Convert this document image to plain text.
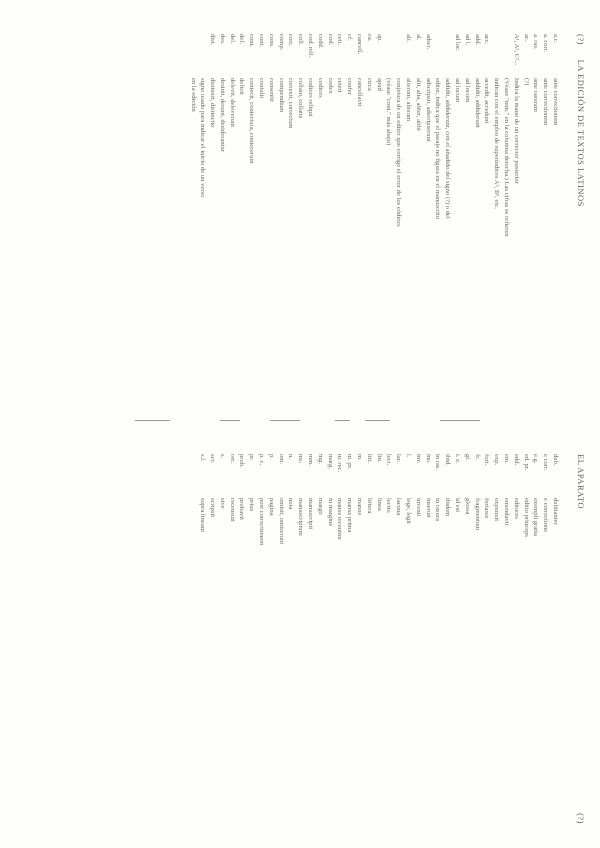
(?) LA EDICIÓN DE TEXTOS LATINOS
a.c.
ante correctionem
a. corr.
ante correctionem
a. ras.
ante rasuram
ac.
(?)
A¹, A², C¹...
Indica la mano de un corrector posterior
(Véase "mm." en la columna derecha.) Las cifras se refieren
indican con el empleo de superíndices A², B³, etc.
acc.
accedit, accedunt
add.
addidit, addiderunt
ad l.
ad locum
ad loc.
ad locum
addidit, addiderunt, con el añadido del signo (?) o del
editor, indica que el pasaje no figura en el manuscrito
adscr.
adscripsit, adscripserunt
al.
alii, alia, aliter, alibi
alt.
alterum, alteram
conjetura de un editor que corrige el error de los códices
(véase "coni." más abajo)
ap.
apud
ca.
circa
cancell.
cancellavit
cf.
confer
cett.
ceteri
cod.
codex
codd.
codices
cod. rell.
codices reliqui
coll.
collato, collatis
corr.
correxit, correctum
comp.
compendium
cons.
consentit
cont.
contulit
coni.
coniecit, coniectura, coniecerunt
def.
deficit
del.
delevit, deleverunt
des.
desinit, desunt, desiderantur
dist.
distinxit, distinctio
signo usado para indicar el inicio de un verso
en la edición
EL APARATO
(?)
dub.
dubitanter
e corr.
e correctione
e.g.
exempli gratia
ed. pr.
editio princeps
edd.
editores
em.
emendavit
exp.
expunxit
fort.
fortasse
fr.
fragmentum
gl.
glossa
i. e.
id est
ibid.
ibidem
in ras.
in rasura
ins.
inseruit
inv.
invenit
l.
lege, legit
lac.
lacuna
lect.
lectio
lin.
linea
litt.
littera
m.
manus
m. pr.
manus prima
m. rec.
manus recentior
marg.
in margine
mg.
margo
mm.
manuscripti
ms.
manuscriptum
n.
nota
om.
omisit, omiserunt
p.
pagina
p. c.
post correctionem
pr.
prius
prob.
probavit
rec.
recensuit
s.
sive
scr.
scripsit
s.l.
supra lineam
